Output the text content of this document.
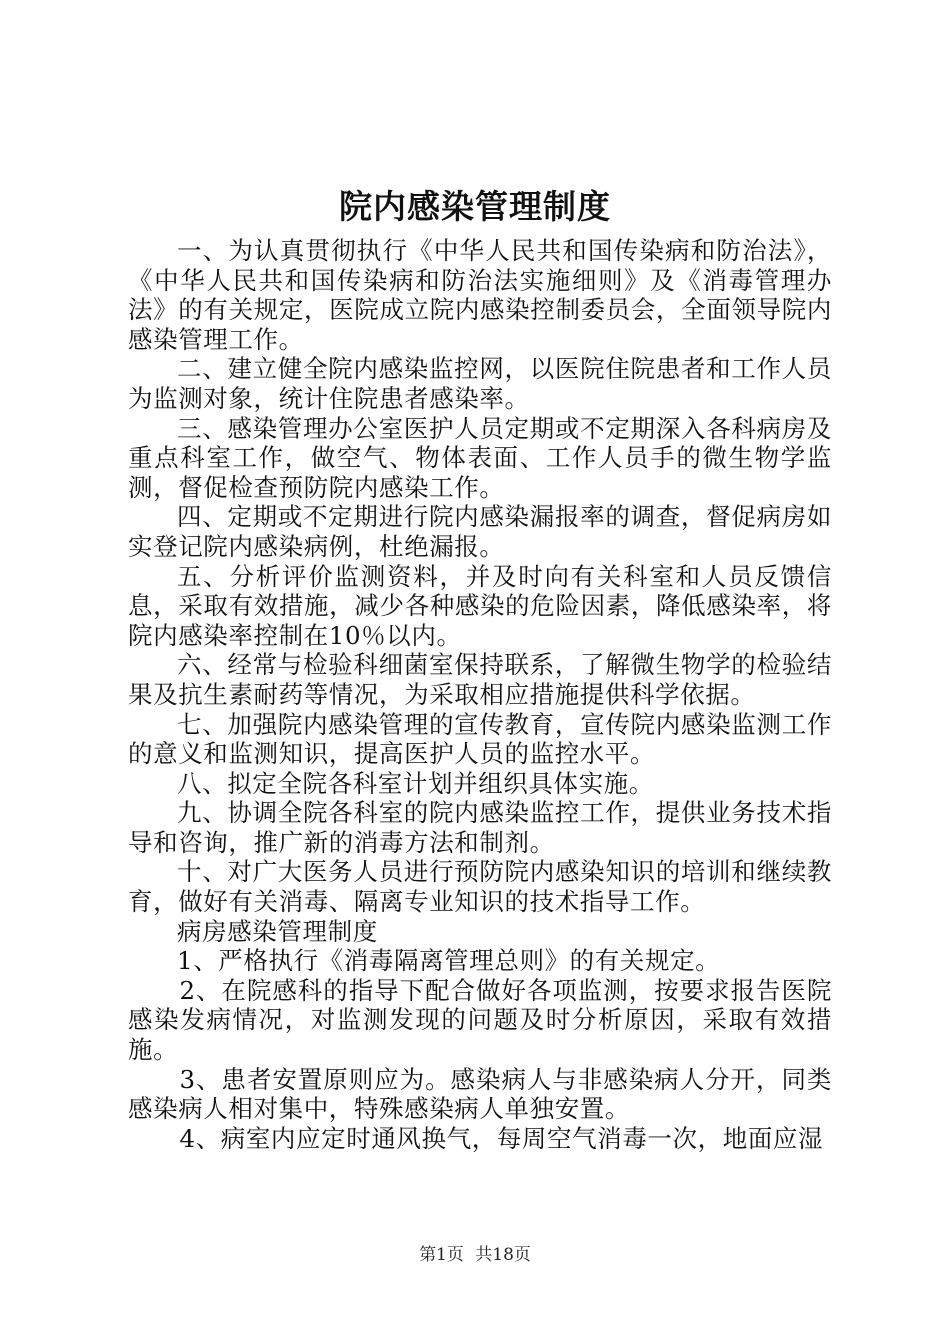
院内感染管理制度

一、为认真贯彻执行《中华人民共和国传染病和防治法》，《中华人民共和国传染病和防治法实施细则》及《消毒管理办法》的有关规定，医院成立院内感染控制委员会，全面领导院内感染管理工作。

二、建立健全院内感染监控网，以医院住院患者和工作人员为监测对象，统计住院患者感染率。

三、感染管理办公室医护人员定期或不定期深入各科病房及重点科室工作，做空气、物体表面、工作人员手的微生物学监测，督促检查预防院内感染工作。

四、定期或不定期进行院内感染漏报率的调查，督促病房如实登记院内感染病例，杜绝漏报。

五、分析评价监测资料，并及时向有关科室和人员反馈信息，采取有效措施，减少各种感染的危险因素，降低感染率，将院内感染率控制在10％以内。

六、经常与检验科细菌室保持联系，了解微生物学的检验结果及抗生素耐药等情况，为采取相应措施提供科学依据。

七、加强院内感染管理的宣传教育，宣传院内感染监测工作的意义和监测知识，提高医护人员的监控水平。

八、拟定全院各科室计划并组织具体实施。

九、协调全院各科室的院内感染监控工作，提供业务技术指导和咨询，推广新的消毒方法和制剂。

十、对广大医务人员进行预防院内感染知识的培训和继续教育，做好有关消毒、隔离专业知识的技术指导工作。

病房感染管理制度

1、严格执行《消毒隔离管理总则》的有关规定。

2、在院感科的指导下配合做好各项监测，按要求报告医院感染发病情况，对监测发现的问题及时分析原因，采取有效措施。

3、患者安置原则应为。感染病人与非感染病人分开，同类感染病人相对集中，特殊感染病人单独安置。

4、病室内应定时通风换气，每周空气消毒一次，地面应湿

第1页 共18页
